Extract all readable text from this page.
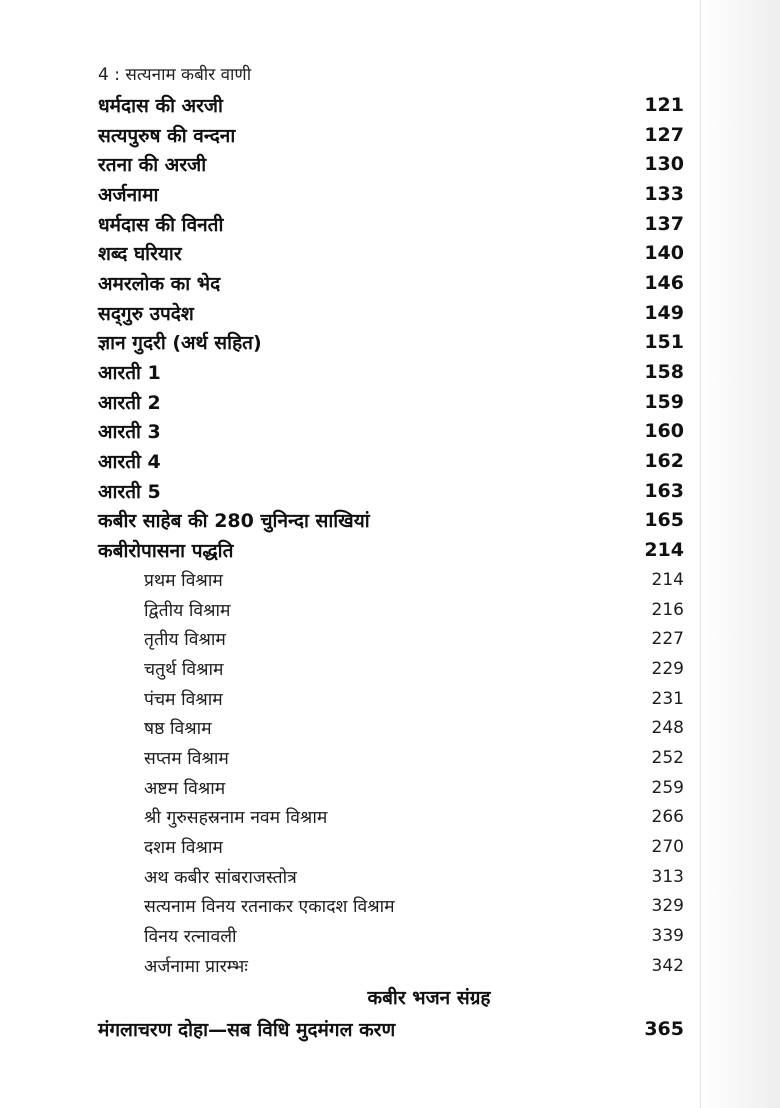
4 : सत्यनाम कबीर वाणी
धर्मदास की अरजी	121
सत्यपुरुष की वन्दना	127
रतना की अरजी	130
अर्जनामा	133
धर्मदास की विनती	137
शब्द घरियार	140
अमरलोक का भेद	146
सद्‌गुरु उपदेश	149
ज्ञान गुदरी (अर्थ सहित)	151
आरती 1	158
आरती 2	159
आरती 3	160
आरती 4	162
आरती 5	163
कबीर साहेब की 280 चुनिन्दा साखियां	165
कबीरोपासना पद्धति	214
प्रथम विश्राम	214
द्वितीय विश्राम	216
तृतीय विश्राम	227
चतुर्थ विश्राम	229
पंचम विश्राम	231
षष्ठ विश्राम	248
सप्तम विश्राम	252
अष्टम विश्राम	259
श्री गुरुसहस्रनाम नवम विश्राम	266
दशम विश्राम	270
अथ कबीर सांबराजस्तोत्र	313
सत्यनाम विनय रतनाकर एकादश विश्राम	329
विनय रत्नावली	339
अर्जनामा प्रारम्भः	342
कबीर भजन संग्रह
मंगलाचरण दोहा—सब विधि मुदमंगल करण	365
